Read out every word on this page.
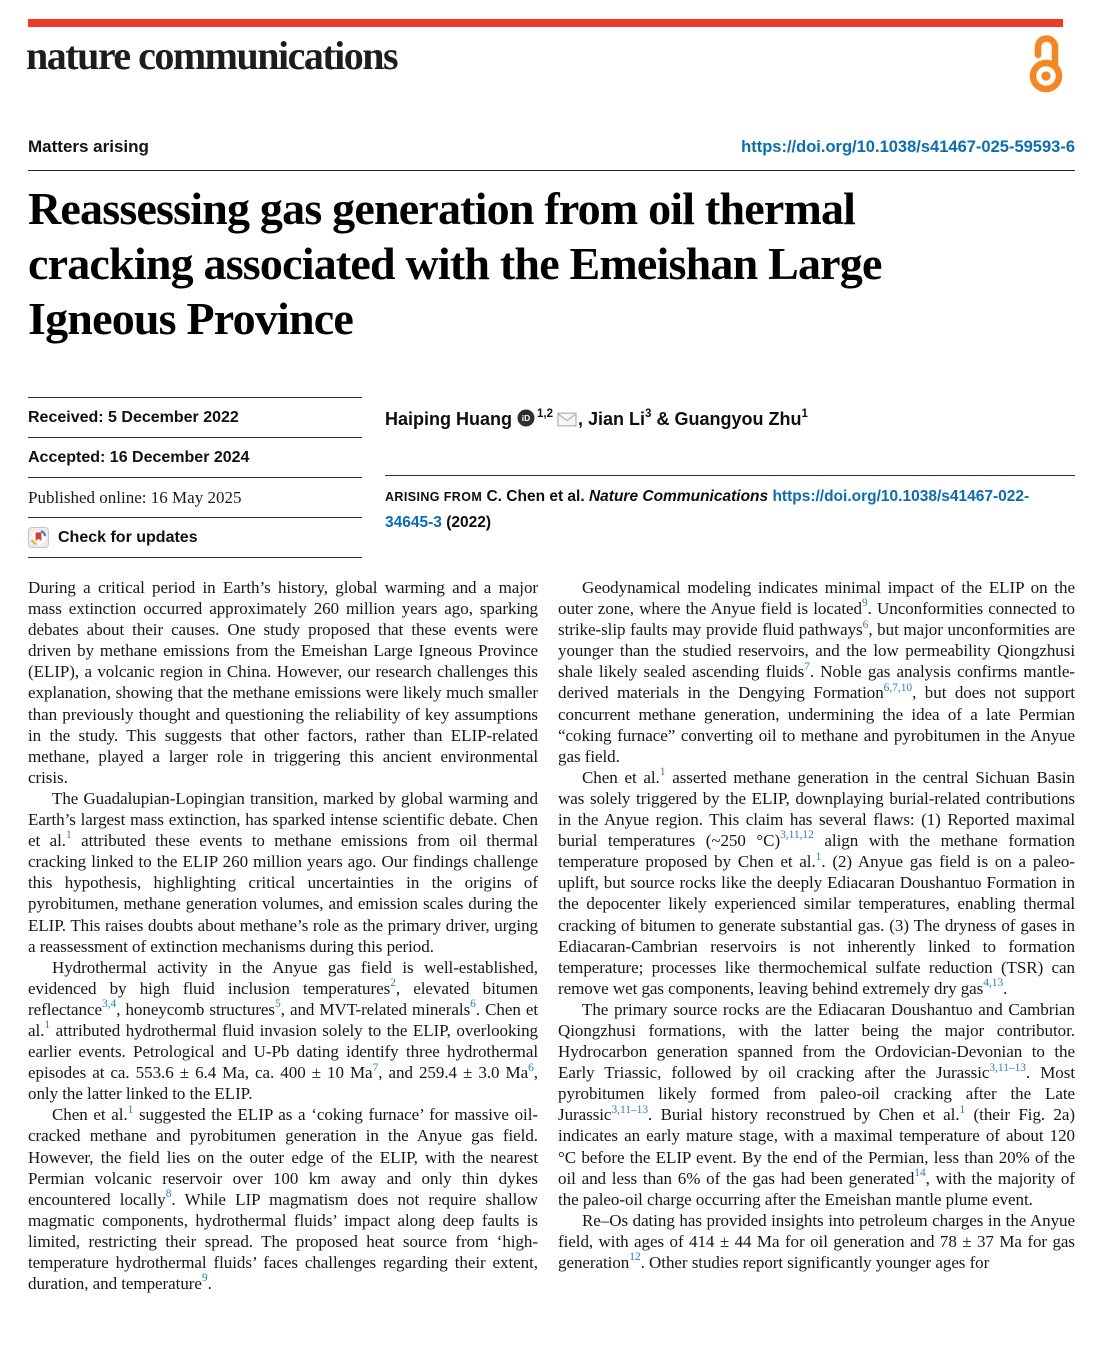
nature communications
Matters arising	https://doi.org/10.1038/s41467-025-59593-6
Reassessing gas generation from oil thermal
cracking associated with the Emeishan Large
Igneous Province
Received: 5 December 2022
Accepted: 16 December 2024
Published online: 16 May 2025
Check for updates

Haiping Huang iD $^{1,2}$ , Jian Li$^3$ & Guangyou Zhu$^1$

ARISING FROM C. Chen et al. Nature Communications https://doi.org/10.1038/s41467-022-34645-3 (2022)

During a critical period in Earth’s history, global warming and a major mass extinction occurred approximately 260 million years ago, sparking debates about their causes. One study proposed that these events were driven by methane emissions from the Emeishan Large Igneous Province (ELIP), a volcanic region in China. However, our research challenges this explanation, showing that the methane emissions were likely much smaller than previously thought and questioning the reliability of key assumptions in the study. This suggests that other factors, rather than ELIP-related methane, played a larger role in triggering this ancient environmental crisis.

The Guadalupian-Lopingian transition, marked by global warming and Earth’s largest mass extinction, has sparked intense scientific debate. Chen et al.$^1$ attributed these events to methane emissions from oil thermal cracking linked to the ELIP 260 million years ago. Our findings challenge this hypothesis, highlighting critical uncertainties in the origins of pyrobitumen, methane generation volumes, and emission scales during the ELIP. This raises doubts about methane’s role as the primary driver, urging a reassessment of extinction mechanisms during this period.

Hydrothermal activity in the Anyue gas field is well-established, evidenced by high fluid inclusion temperatures$^2$, elevated bitumen reflectance$^{3,4}$, honeycomb structures$^5$, and MVT-related minerals$^6$. Chen et al.$^1$ attributed hydrothermal fluid invasion solely to the ELIP, overlooking earlier events. Petrological and U-Pb dating identify three hydrothermal episodes at ca. 553.6 ± 6.4 Ma, ca. 400 ± 10 Ma$^7$, and 259.4 ± 3.0 Ma$^6$, only the latter linked to the ELIP.

Chen et al.$^1$ suggested the ELIP as a ‘coking furnace’ for massive oil-cracked methane and pyrobitumen generation in the Anyue gas field. However, the field lies on the outer edge of the ELIP, with the nearest Permian volcanic reservoir over 100 km away and only thin dykes encountered locally$^8$. While LIP magmatism does not require shallow magmatic components, hydrothermal fluids’ impact along deep faults is limited, restricting their spread. The proposed heat source from ‘high-temperature hydrothermal fluids’ faces challenges regarding their extent, duration, and temperature$^9$.

Geodynamical modeling indicates minimal impact of the ELIP on the outer zone, where the Anyue field is located$^9$. Unconformities connected to strike-slip faults may provide fluid pathways$^6$, but major unconformities are younger than the studied reservoirs, and the low permeability Qiongzhusi shale likely sealed ascending fluids$^7$. Noble gas analysis confirms mantle-derived materials in the Dengying Formation$^{6,7,10}$, but does not support concurrent methane generation, undermining the idea of a late Permian “coking furnace” converting oil to methane and pyrobitumen in the Anyue gas field.

Chen et al.$^1$ asserted methane generation in the central Sichuan Basin was solely triggered by the ELIP, downplaying burial-related contributions in the Anyue region. This claim has several flaws: (1) Reported maximal burial temperatures (~250 °C)$^{3,11,12}$ align with the methane formation temperature proposed by Chen et al.$^1$. (2) Anyue gas field is on a paleo-uplift, but source rocks like the deeply Ediacaran Doushantuo Formation in the depocenter likely experienced similar temperatures, enabling thermal cracking of bitumen to generate substantial gas. (3) The dryness of gases in Ediacaran-Cambrian reservoirs is not inherently linked to formation temperature; processes like thermochemical sulfate reduction (TSR) can remove wet gas components, leaving behind extremely dry gas$^{4,13}$.

The primary source rocks are the Ediacaran Doushantuo and Cambrian Qiongzhusi formations, with the latter being the major contributor. Hydrocarbon generation spanned from the Ordovician-Devonian to the Early Triassic, followed by oil cracking after the Jurassic$^{3,11-13}$. Most pyrobitumen likely formed from paleo-oil cracking after the Late Jurassic$^{3,11-13}$. Burial history reconstrued by Chen et al.$^1$ (their Fig. 2a) indicates an early mature stage, with a maximal temperature of about 120 °C before the ELIP event. By the end of the Permian, less than 20% of the oil and less than 6% of the gas had been generated$^{14}$, with the majority of the paleo-oil charge occurring after the Emeishan mantle plume event.

Re–Os dating has provided insights into petroleum charges in the Anyue field, with ages of 414 ± 44 Ma for oil generation and 78 ± 37 Ma for gas generation$^{12}$. Other studies report significantly younger ages for
